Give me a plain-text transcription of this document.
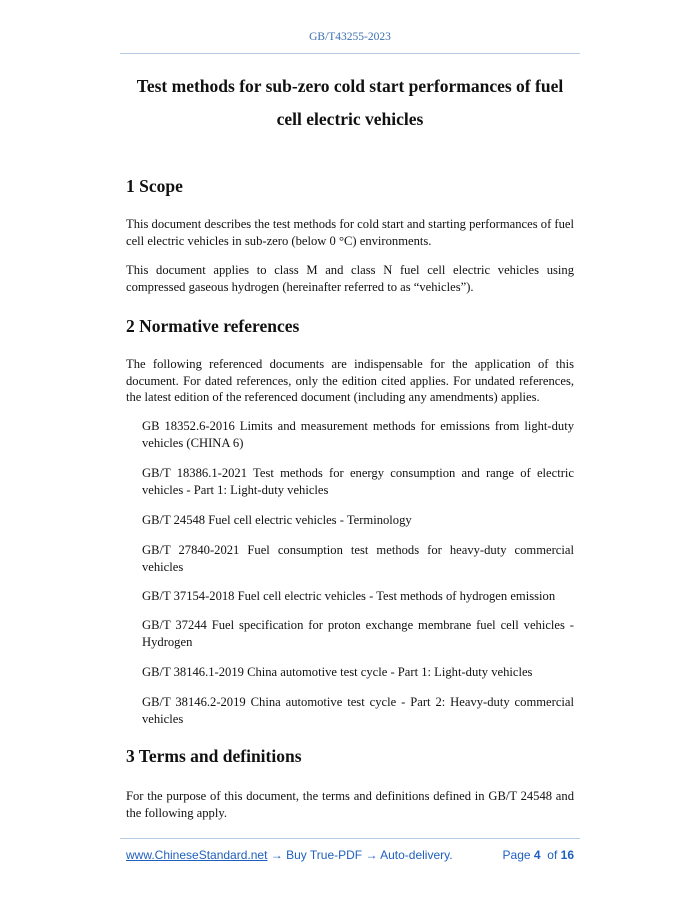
GB/T43255-2023
Test methods for sub-zero cold start performances of fuel
cell electric vehicles
1 Scope

This document describes the test methods for cold start and starting performances of fuel cell electric vehicles in sub-zero (below 0 °C) environments.

This document applies to class M and class N fuel cell electric vehicles using compressed gaseous hydrogen (hereinafter referred to as “vehicles”).

2 Normative references

The following referenced documents are indispensable for the application of this document. For dated references, only the edition cited applies. For undated references, the latest edition of the referenced document (including any amendments) applies.

GB 18352.6-2016 Limits and measurement methods for emissions from light-duty vehicles (CHINA 6)

GB/T 18386.1-2021 Test methods for energy consumption and range of electric vehicles - Part 1: Light-duty vehicles

GB/T 24548 Fuel cell electric vehicles - Terminology

GB/T 27840-2021 Fuel consumption test methods for heavy-duty commercial vehicles

GB/T 37154-2018 Fuel cell electric vehicles - Test methods of hydrogen emission

GB/T 37244 Fuel specification for proton exchange membrane fuel cell vehicles - Hydrogen

GB/T 38146.1-2019 China automotive test cycle - Part 1: Light-duty vehicles

GB/T 38146.2-2019 China automotive test cycle - Part 2: Heavy-duty commercial vehicles

3 Terms and definitions

For the purpose of this document, the terms and definitions defined in GB/T 24548 and the following apply.

www.ChineseStandard.net → Buy True-PDF → Auto-delivery.	Page 4 of 16
